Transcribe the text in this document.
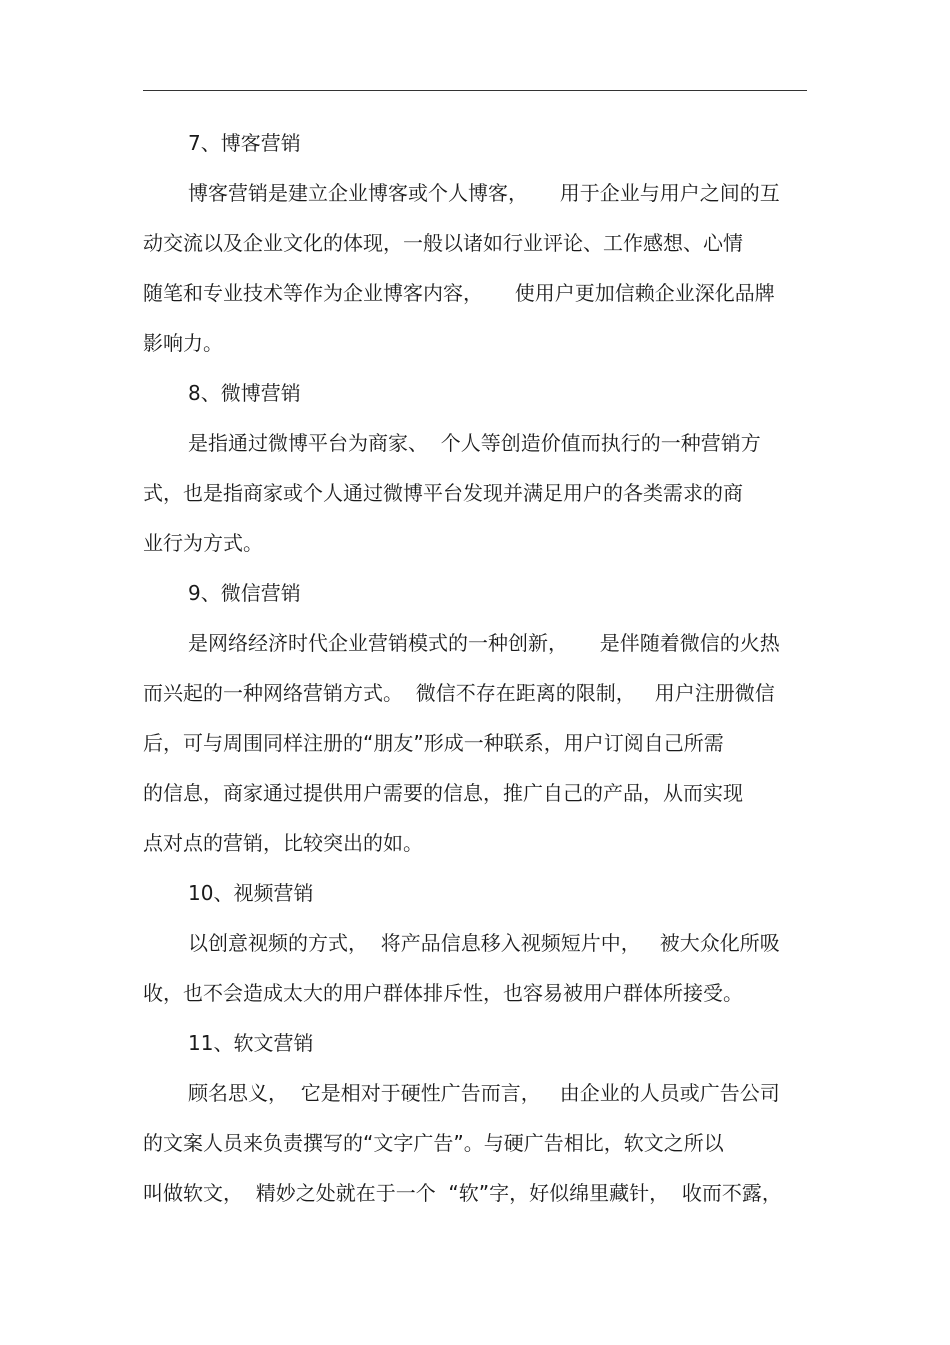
7、博客营销
博客营销是建立企业博客或个人博客，     用于企业与用户之间的互
动交流以及企业文化的体现，一般以诸如行业评论、工作感想、心情
随笔和专业技术等作为企业博客内容，     使用户更加信赖企业深化品牌
影响力。
8、微博营销
是指通过微博平台为商家、  个人等创造价值而执行的一种营销方
式，也是指商家或个人通过微博平台发现并满足用户的各类需求的商
业行为方式。
9、微信营销
是网络经济时代企业营销模式的一种创新，     是伴随着微信的火热
而兴起的一种网络营销方式。  微信不存在距离的限制，   用户注册微信
后，可与周围同样注册的“朋友”形成一种联系，用户订阅自己所需
的信息，商家通过提供用户需要的信息，推广自己的产品，从而实现
点对点的营销，比较突出的如。
10、视频营销
以创意视频的方式，  将产品信息移入视频短片中，   被大众化所吸
收，也不会造成太大的用户群体排斥性，也容易被用户群体所接受。
11、软文营销
顾名思义，  它是相对于硬性广告而言，   由企业的人员或广告公司
的文案人员来负责撰写的“文字广告”。与硬广告相比，软文之所以
叫做软文，  精妙之处就在于一个  “软”字，好似绵里藏针，  收而不露，
